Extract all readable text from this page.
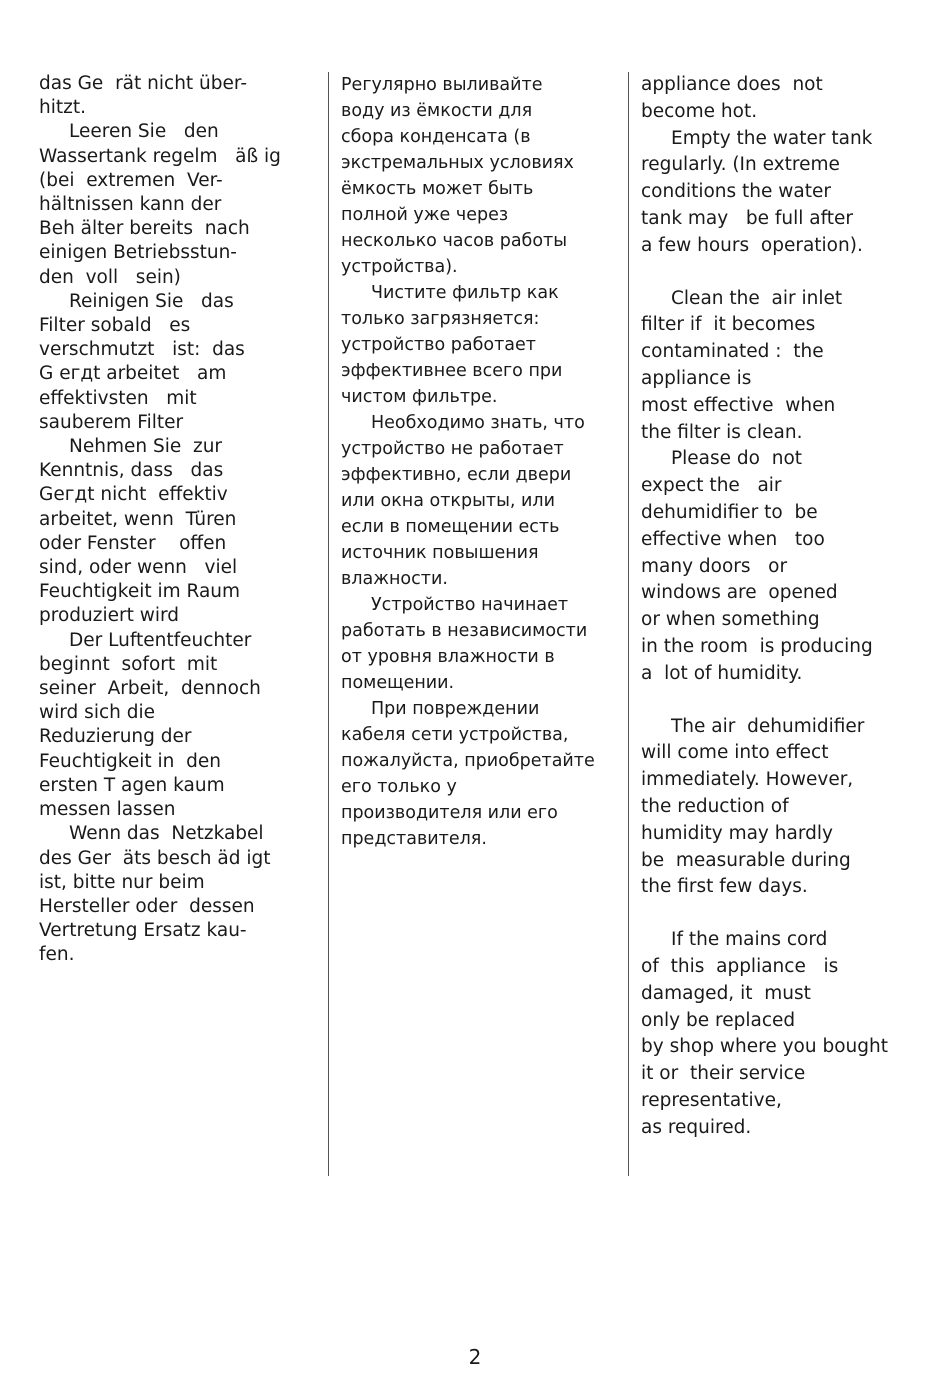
das Ge  rät nicht über-
hitzt.
Leeren Sie   den
Wassertank regelm   äß ig
(bei  extremen  Ver-
hältnissen kann der
Beh älter bereits  nach
einigen Betriebsstun-
den  voll   sein)
Reinigen Sie   das
Filter sobald   es
verschmutzt   ist:  das
G егдt arbeitet   am
effektivsten   mit
sauberem Filter
Nehmen Sie  zur
Kenntnis, dass   das
Geгдt nicht  effektiv
arbeitet, wenn  Türen
oder Fenster    offen
sind, oder wenn   viel
Feuchtigkeit im Raum
produziert wird
Der Luftentfeuchter
beginnt  sofort  mit
seiner  Arbeit,  dennoch
wird sich die
Reduzierung der
Feuchtigkeit in  den
ersten T agen kaum
messen lassen
Wenn das  Netzkabel
des Ger  äts besch äd igt
ist, bitte nur beim
Hersteller oder  dessen
Vertretung Ersatz kau-
fen.
Регулярно выливайте
воду из ёмкости для
сбора конденсата (в
экстремальных условиях
ёмкость может быть
полной уже через
несколько часов работы
устройства).
Чистите фильтр как
только загрязняется:
устройство работает
эффективнее всего при
чистом фильтре.
Необходимо знать, что
устройство не работает
эффективно, если двери
или окна открыты, или
если в помещении есть
источник повышения
влажности.
Устройство начинает
работать в независимости
от уровня влажности в
помещении.
При повреждении
кабеля сети устройства,
пожалуйста, приобретайте
его только у
производителя или его
представителя.
appliance does  not
become hot.
Empty the water tank
regularly. (In extreme
conditions the water
tank may   be full after
a few hours  operation).
Clean the  air inlet
filter if  it becomes
contaminated :  the
appliance is
most effective  when
the filter is clean.
Please do  not
expect the   air
dehumidifier to  be
effective when   too
many doors   or
windows are  opened
or when something
in the room  is producing
a  lot of humidity.
The air  dehumidifier
will come into effect
immediately. However,
the reduction of
humidity may hardly
be  measurable during
the first few days.
If the mains cord
of  this  appliance   is
damaged, it  must
only be replaced
by shop where you bought
it or  their service
representative,
as required.
2
